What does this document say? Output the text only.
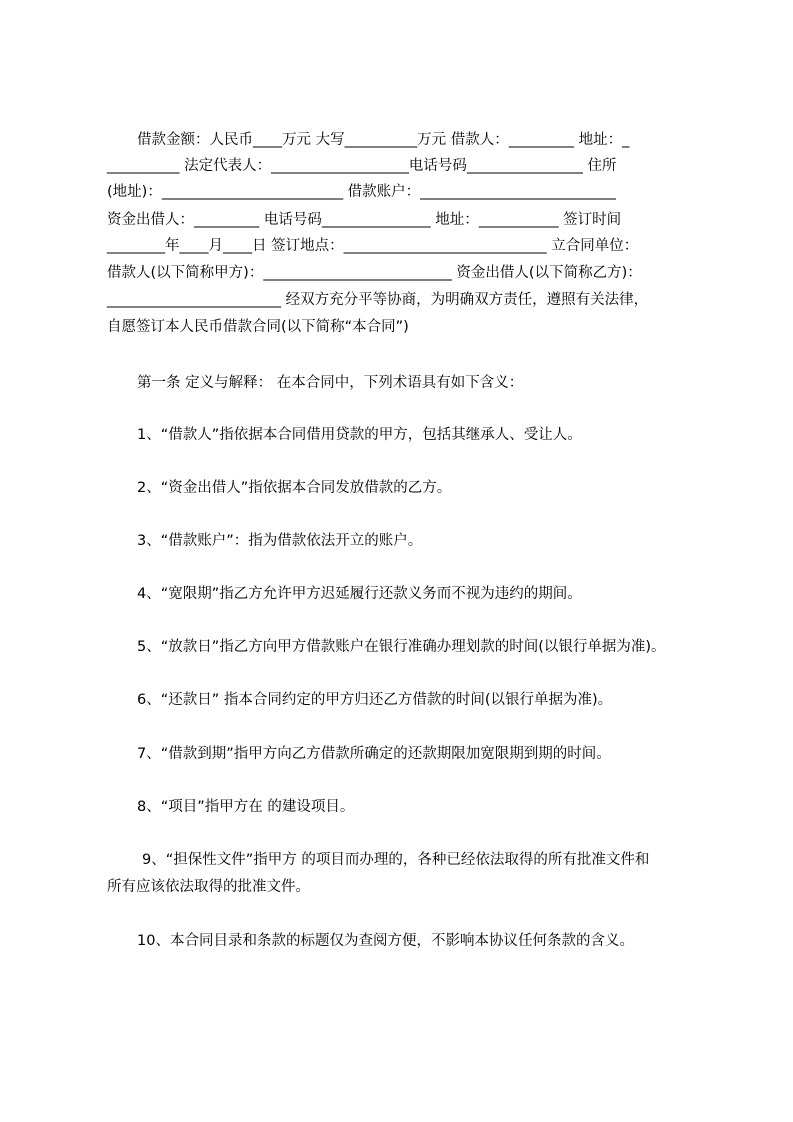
借款金额：人民币____万元 大写__________万元 借款人：_________ 地址：_

__________ 法定代表人：___________________电话号码________________ 住所

(地址)：_________________________ 借款账户：___________________________

资金出借人：_________ 电话号码_______________ 地址：___________ 签订时间

________年____月____日 签订地点：____________________________ 立合同单位：

借款人(以下简称甲方)：__________________________ 资金出借人(以下简称乙方)：

________________________ 经双方充分平等协商，为明确双方责任，遵照有关法律，

自愿签订本人民币借款合同(以下简称“本合同”)

第一条 定义与解释： 在本合同中，下列术语具有如下含义：

1、“借款人”指依据本合同借用贷款的甲方，包括其继承人、受让人。

2、“资金出借人”指依据本合同发放借款的乙方。

3、“借款账户”：指为借款依法开立的账户。

4、“宽限期”指乙方允许甲方迟延履行还款义务而不视为违约的期间。

5、“放款日”指乙方向甲方借款账户在银行准确办理划款的时间(以银行单据为准)。

6、“还款日” 指本合同约定的甲方归还乙方借款的时间(以银行单据为准)。

7、“借款到期”指甲方向乙方借款所确定的还款期限加宽限期到期的时间。

8、“项目”指甲方在 的建设项目。

9、“担保性文件”指甲方 的项目而办理的，各种已经依法取得的所有批准文件和

所有应该依法取得的批准文件。

10、本合同目录和条款的标题仅为查阅方便，不影响本协议任何条款的含义。
